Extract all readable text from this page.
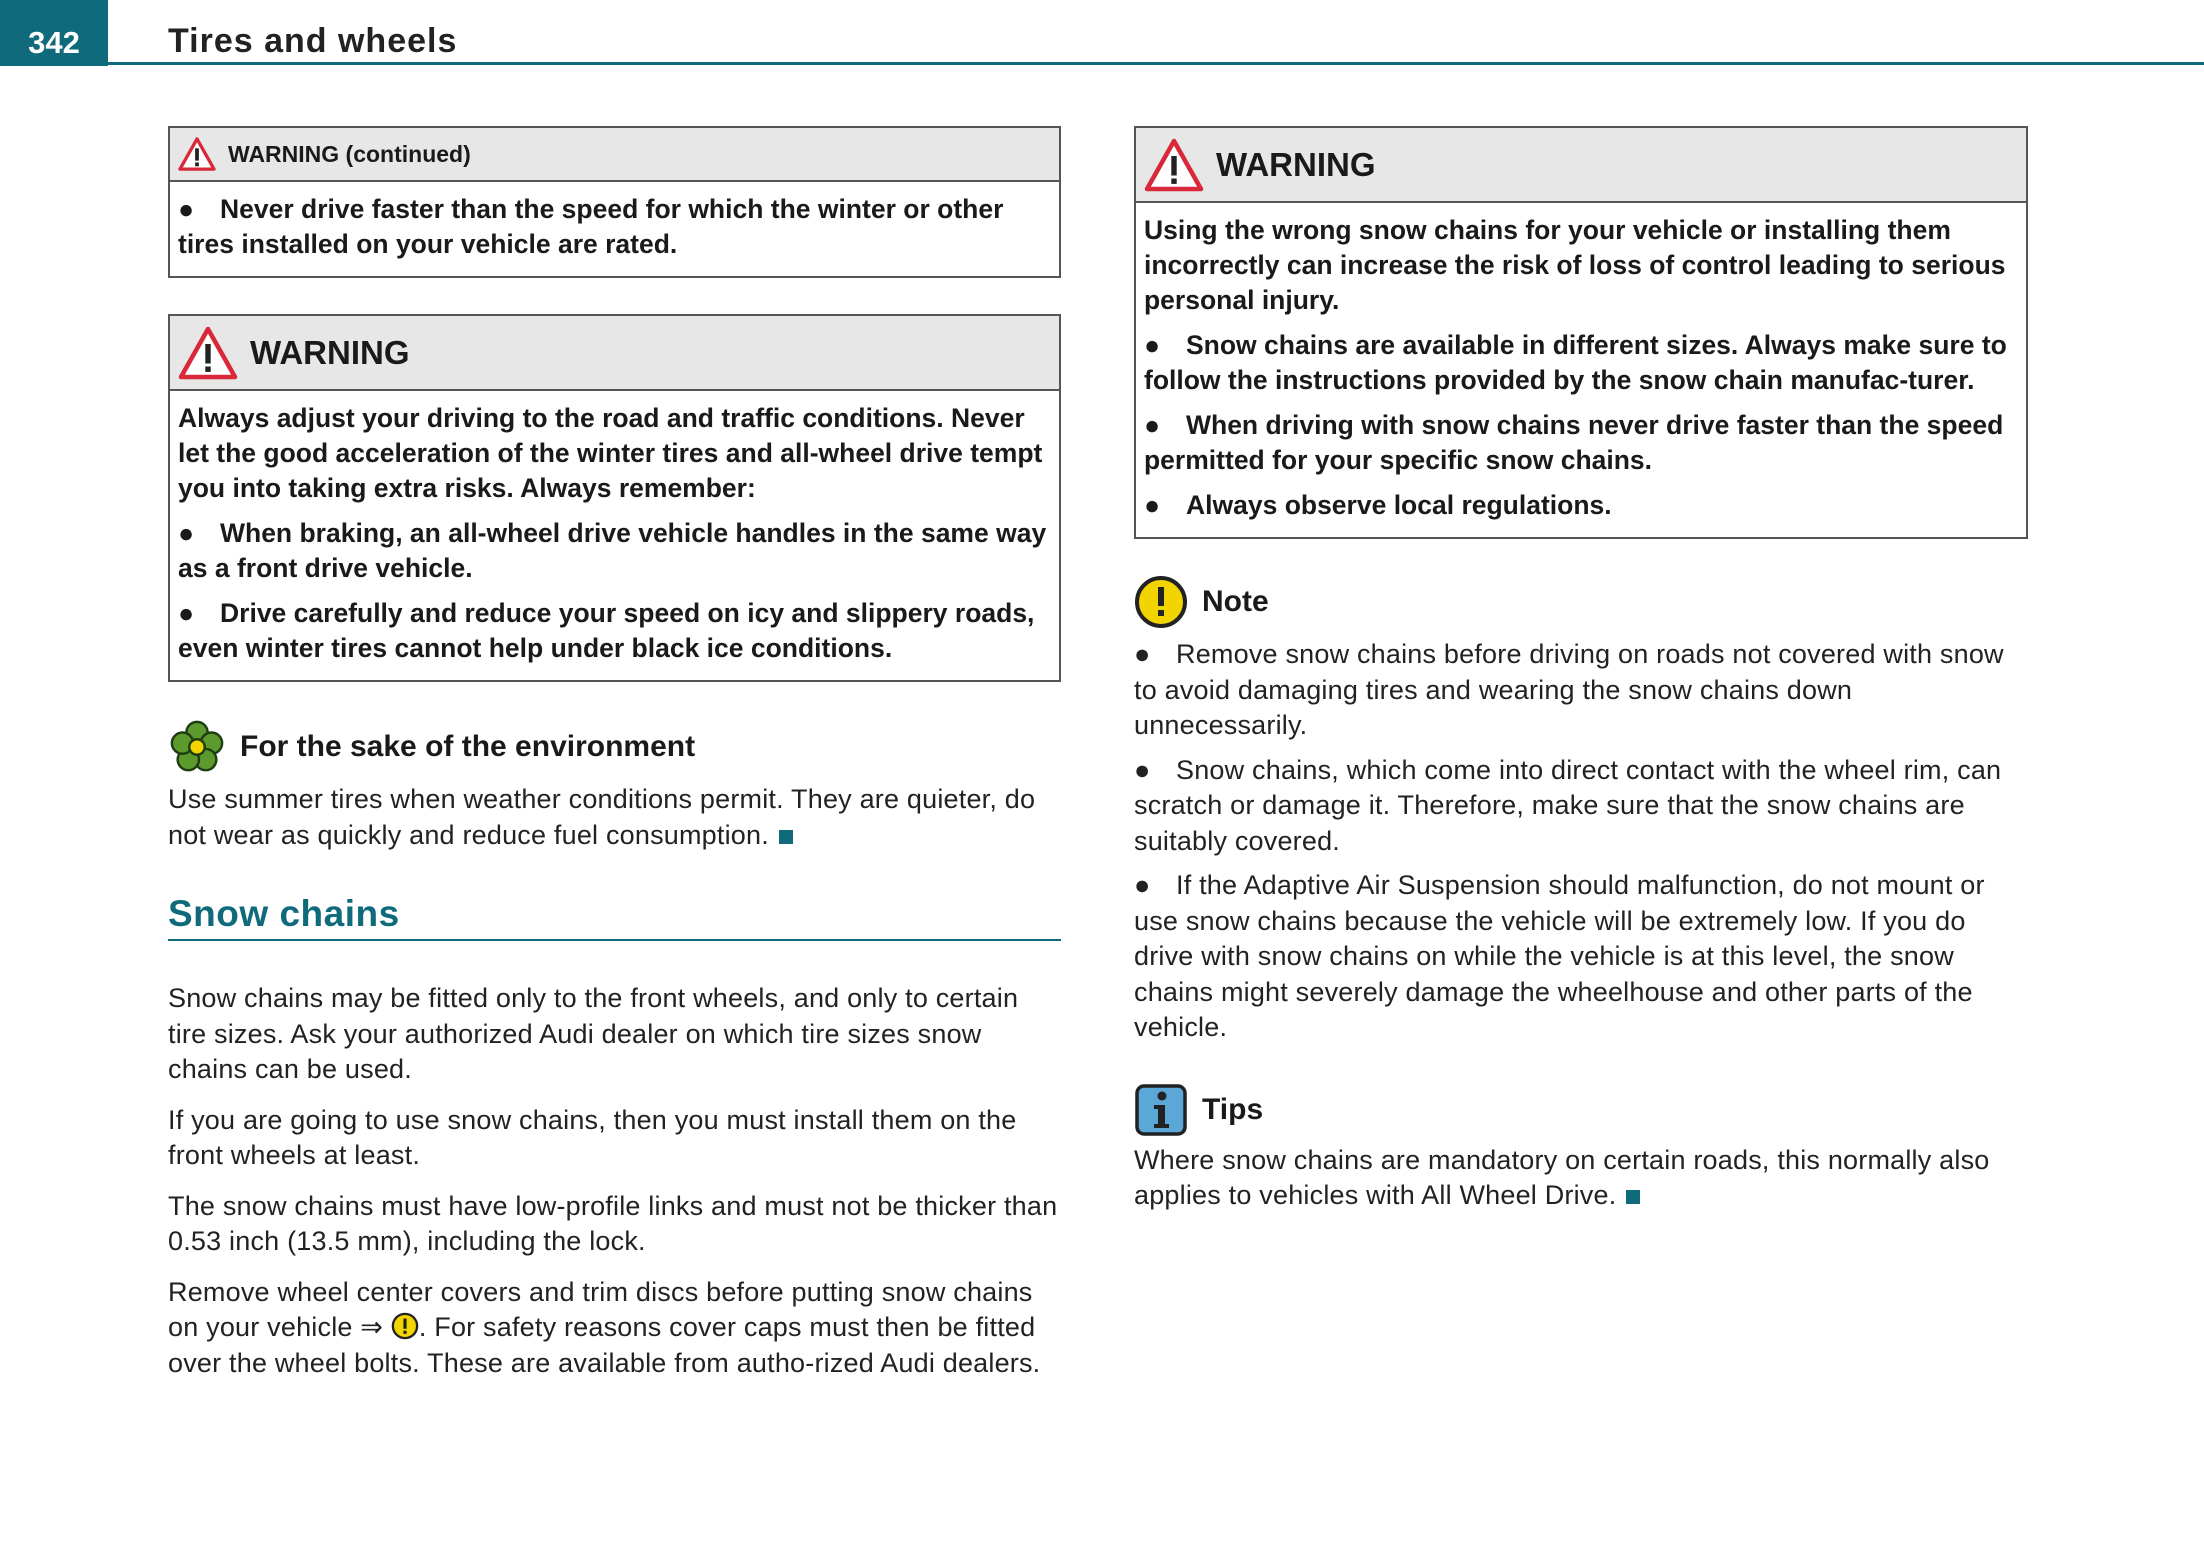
342	Tires and wheels
WARNING (continued)

● Never drive faster than the speed for which the winter or other tires installed on your vehicle are rated.

WARNING

Always adjust your driving to the road and traffic conditions. Never let the good acceleration of the winter tires and all-wheel drive tempt you into taking extra risks. Always remember:

● When braking, an all-wheel drive vehicle handles in the same way as a front drive vehicle.

● Drive carefully and reduce your speed on icy and slippery roads, even winter tires cannot help under black ice conditions.

For the sake of the environment

Use summer tires when weather conditions permit. They are quieter, do not wear as quickly and reduce fuel consumption.

Snow chains

Snow chains may be fitted only to the front wheels, and only to certain tire sizes. Ask your authorized Audi dealer on which tire sizes snow chains can be used.

If you are going to use snow chains, then you must install them on the front wheels at least.

The snow chains must have low-profile links and must not be thicker than 0.53 inch (13.5 mm), including the lock.

Remove wheel center covers and trim discs before putting snow chains on your vehicle ⇒ . For safety reasons cover caps must then be fitted over the wheel bolts. These are available from autho-rized Audi dealers.

WARNING

Using the wrong snow chains for your vehicle or installing them incorrectly can increase the risk of loss of control leading to serious personal injury.

● Snow chains are available in different sizes. Always make sure to follow the instructions provided by the snow chain manufac-turer.

● When driving with snow chains never drive faster than the speed permitted for your specific snow chains.

● Always observe local regulations.

Note

● Remove snow chains before driving on roads not covered with snow to avoid damaging tires and wearing the snow chains down unnecessarily.

● Snow chains, which come into direct contact with the wheel rim, can scratch or damage it. Therefore, make sure that the snow chains are suitably covered.

● If the Adaptive Air Suspension should malfunction, do not mount or use snow chains because the vehicle will be extremely low. If you do drive with snow chains on while the vehicle is at this level, the snow chains might severely damage the wheelhouse and other parts of the vehicle.

Tips

Where snow chains are mandatory on certain roads, this normally also applies to vehicles with All Wheel Drive.
